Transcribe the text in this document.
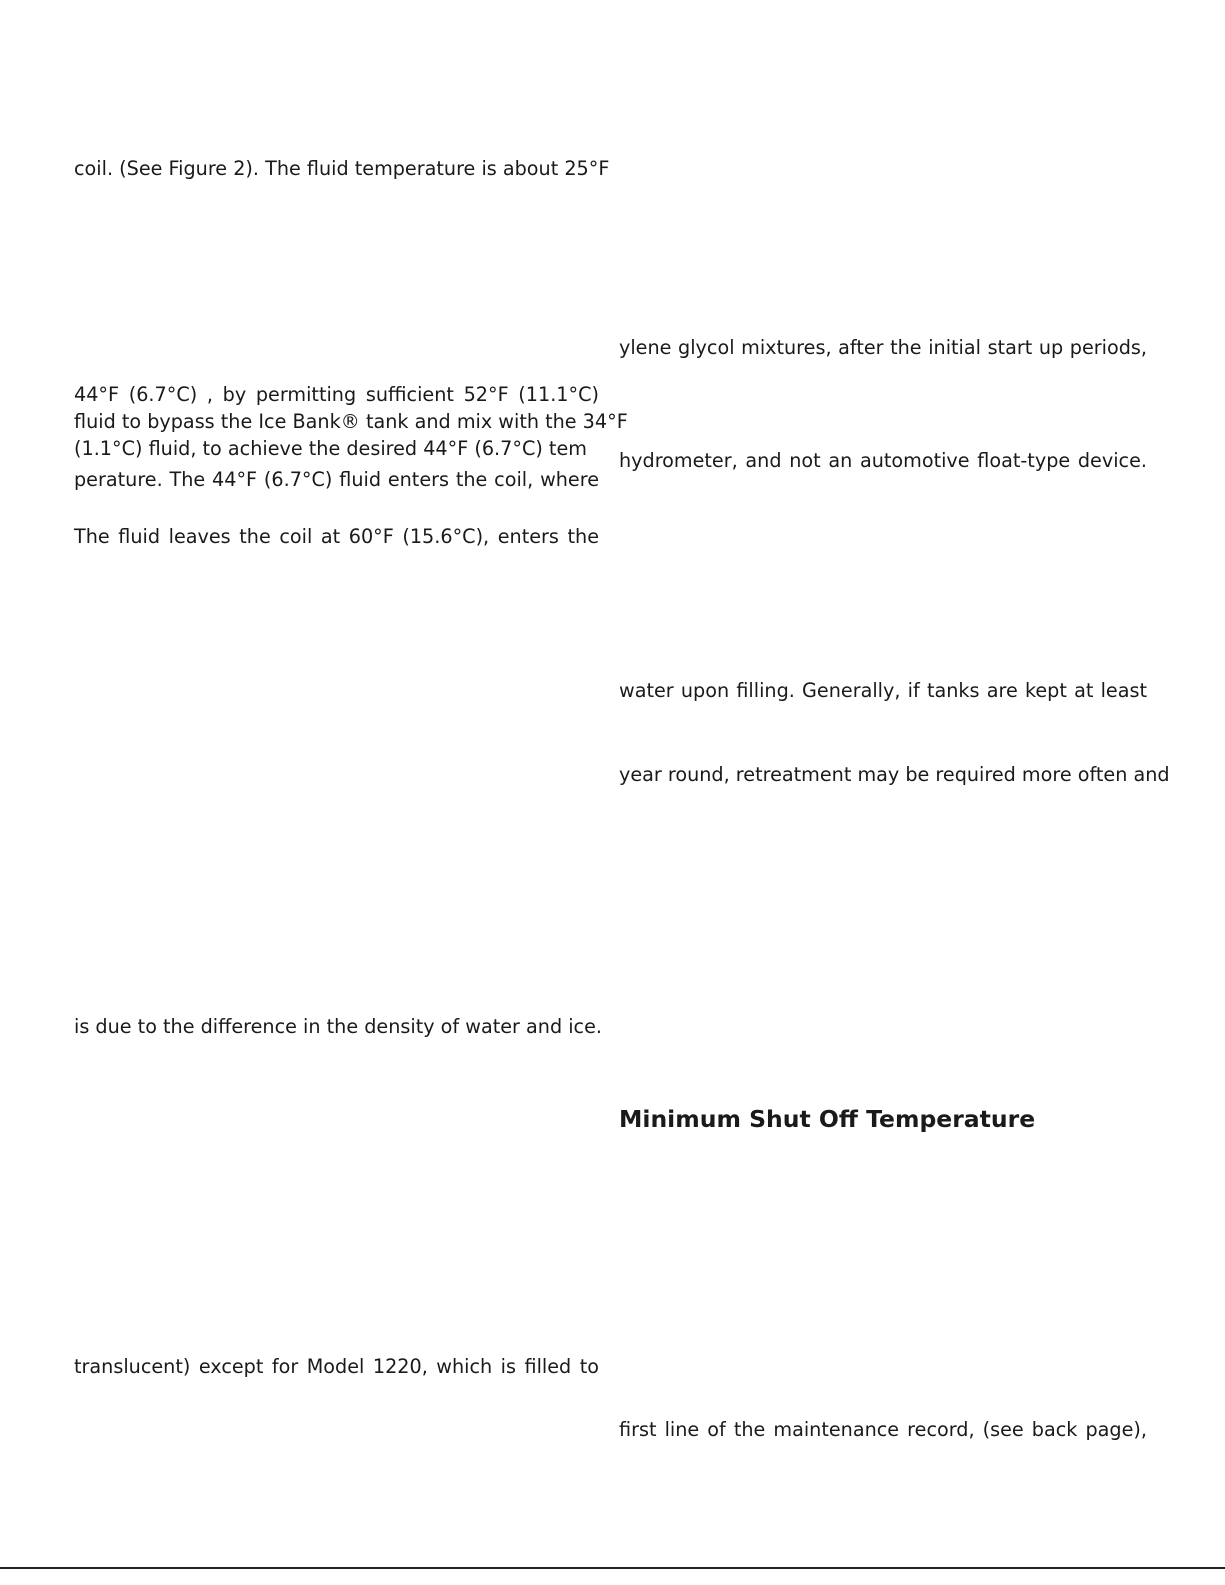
coil. (See Figure 2). The fluid temperature is about 25°F

44°F (6.7°C) , by permitting sufficient 52°F (11.1°C)

fluid to bypass the Ice Bank® tank and mix with the 34°F

(1.1°C) fluid, to achieve the desired 44°F (6.7°C) tem

perature. The 44°F (6.7°C) fluid enters the coil, where

The fluid leaves the coil at 60°F (15.6°C), enters the

is due to the difference in the density of water and ice.

translucent) except for Model 1220, which is filled to

ylene glycol mixtures, after the initial start up periods,

hydrometer, and not an automotive float-type device.

water upon filling. Generally, if tanks are kept at least

year round, retreatment may be required more often and

Minimum Shut Off Temperature

first line of the maintenance record, (see back page),
